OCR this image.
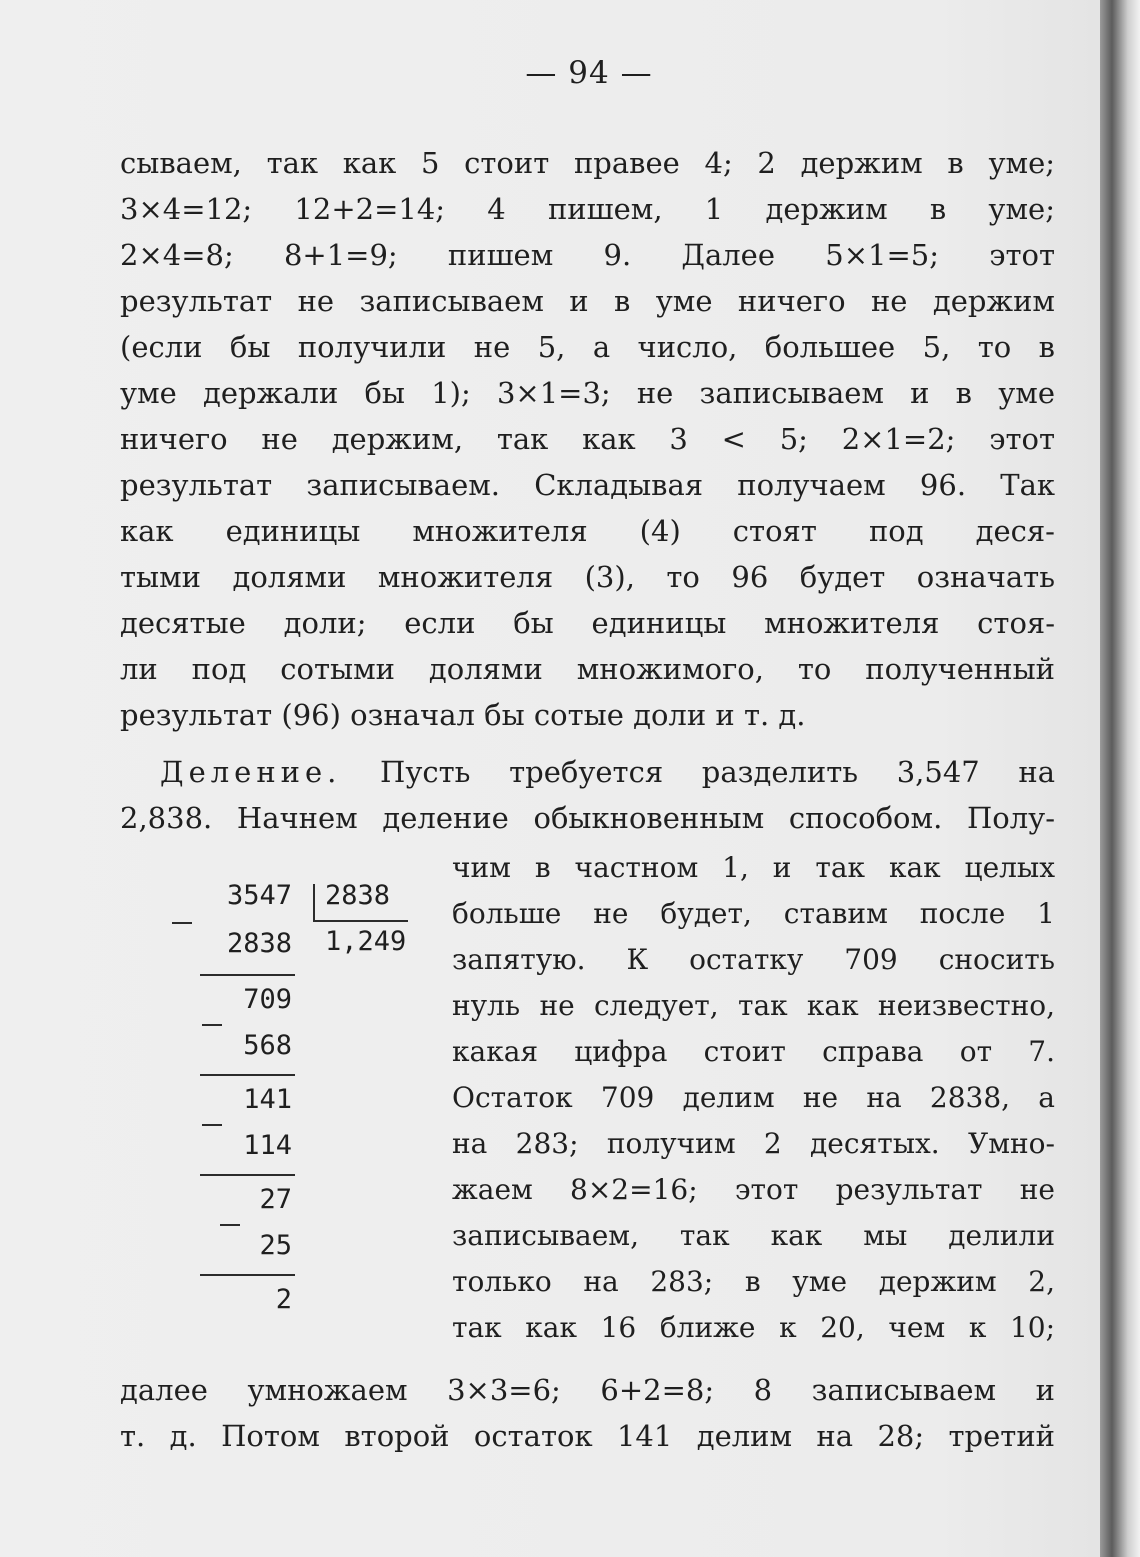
— 94 —
сываем, так как 5 стоит правее 4; 2 держим в уме;
3×4=12; 12+2=14; 4 пишем, 1 держим в уме;
2×4=8; 8+1=9; пишем 9. Далее 5×1=5; этот
результат не записываем и в уме ничего не держим
(если бы получили не 5, а число, большее 5, то в
уме держали бы 1); 3×1=3; не записываем и в уме
ничего не держим, так как 3 < 5; 2×1=2; этот
результат записываем. Складывая получаем 96. Так
как единицы множителя (4) стоят под деся-
тыми долями множителя (3), то 96 будет означать
десятые доли; если бы единицы множителя стоя-
ли под сотыми долями множимого, то полученный
результат (96) означал бы сотые доли и т. д.
Деление. Пусть требуется разделить 3,547 на
2,838. Начнем деление обыкновенным способом. Полу-
3547 2838
1,249
2838
709
568
141
114
27
25
2
чим в частном 1, и так как целых
больше не будет, ставим после 1
запятую. К остатку 709 сносить
нуль не следует, так как неизвестно,
какая цифра стоит справа от 7.
Остаток 709 делим не на 2838, а
на 283; получим 2 десятых. Умно-
жаем 8×2=16; этот результат не
записываем, так как мы делили
только на 283; в уме держим 2,
так как 16 ближе к 20, чем к 10;
далее умножаем 3×3=6; 6+2=8; 8 записываем и
т. д. Потом второй остаток 141 делим на 28; третий
